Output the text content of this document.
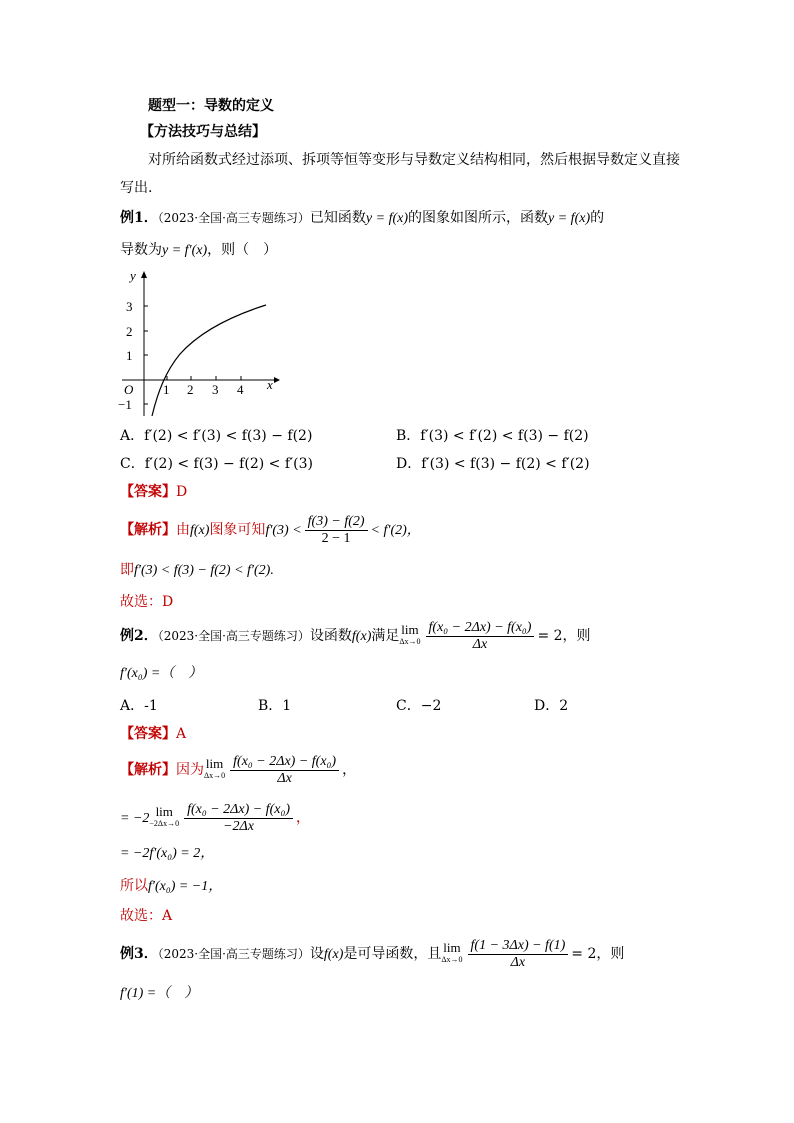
题型一：导数的定义
【方法技巧与总结】
对所给函数式经过添项、拆项等恒等变形与导数定义结构相同，然后根据导数定义直接
写出.
例1．（2023·全国·高三专题练习）已知函数y = f(x)的图象如图所示，函数y = f(x)的
导数为y = f′(x)，则（　）
y
x
O
3
2
1
−1
1 2 3 4
A．f′(2) < f′(3) < f(3) − f(2)	B．f′(3) < f′(2) < f(3) − f(2)
C．f′(2) < f(3) − f(2) < f′(3)	D．f′(3) < f(3) − f(2) < f′(2)
【答案】D
【解析】由f(x)图象可知$f'(3) < \frac{f(3) - f(2)}{2 - 1} < f'(2)$，
即f′(3) < f(3) − f(2) < f′(2).
故选：D
例2．（2023·全国·高三专题练习）设函数f(x)满足 lim
$\Delta x\to 0 \frac{\text{f(x₀ − 2Δx) − f(x₀)}}{\Delta x} = 2$，则
f′(x₀) =（　）
A．-1	B．1	C．−2	D．2
【答案】A
【解析】因为 lim
$\Delta x\to 0 \frac{\text{f(x₀ − 2Δx) − f(x₀)}}{\Delta x}$ ，
= −2 lim
$-2\Delta x\to 0 \frac{\text{f(x₀ − 2Δx) − f(x₀)}}{-2\Delta x}$ ，
= −2f′(x₀) = 2，
所以f′(x₀) = −1，
故选：A
例3．（2023·全国·高三专题练习）设f(x)是可导函数，且 lim
$\Delta x\to 0 \frac{f(1 - 3\Delta x) - f(1)}{\Delta x} = 2$，则
f′(1) =（　）
